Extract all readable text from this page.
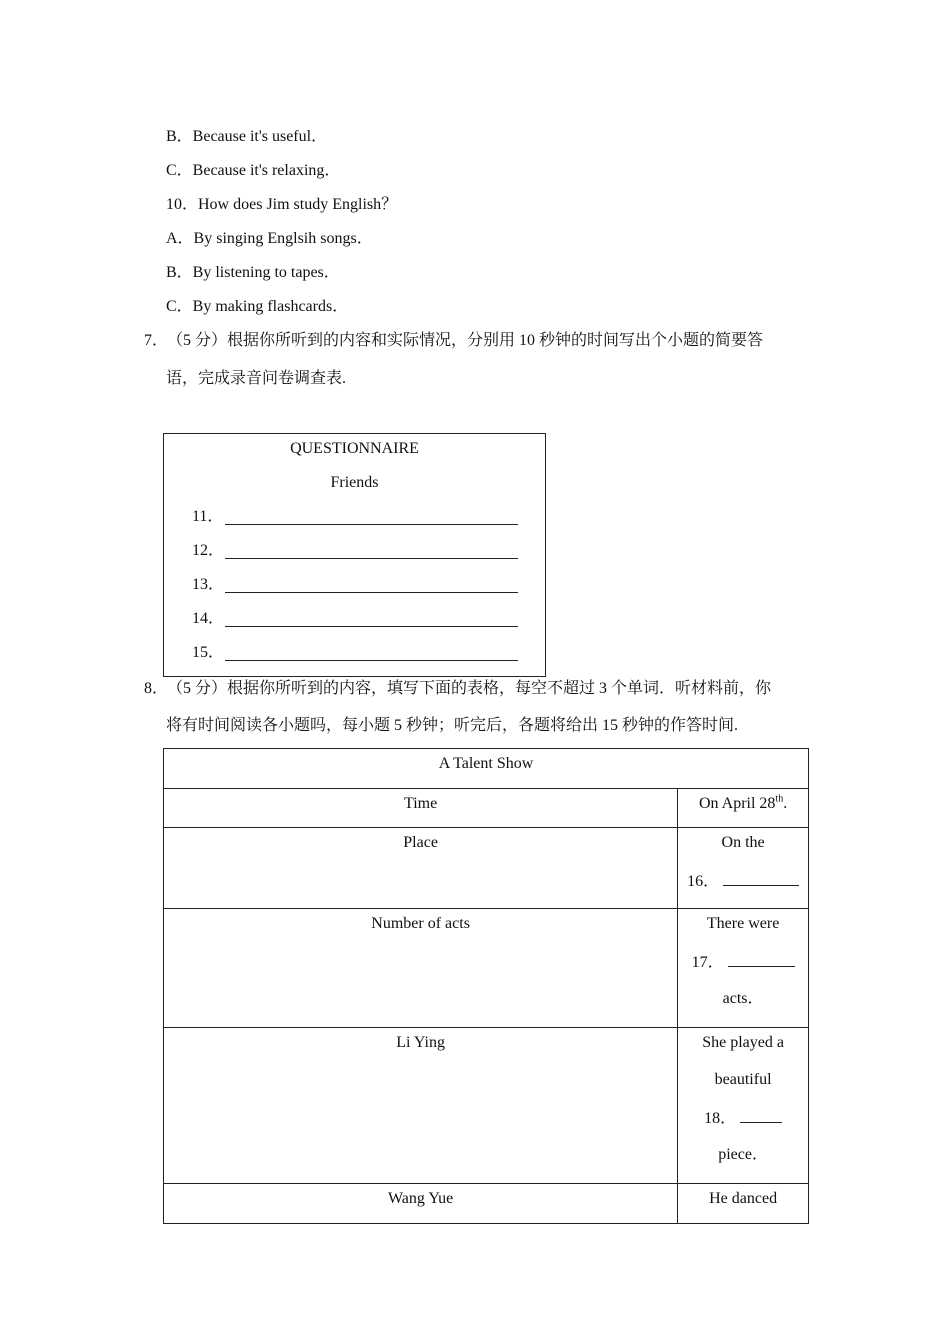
B．Because it's useful．
C．Because it's relaxing．
10．How does Jim study English？
A．By singing Englsih songs．
B．By listening to tapes．
C．By making flashcards．
7．
（5 分）根据你所听到的内容和实际情况，分别用 10 秒钟的时间写出个小题的简要答
语，完成录音问卷调查表.
QUESTIONNAIRE
Friends
11．
12．
13．
14．
15．
8．
（5 分）根据你所听到的内容，填写下面的表格，每空不超过 3 个单词．听材料前，你
将有时间阅读各小题吗，每小题 5 秒钟；听完后，各题将给出 15 秒钟的作答时间.
A Talent Show	
Time	On April 28th.
Place	On the
16．

Number of acts	There were
17．
acts．

Li Ying	She played a
beautiful
18．
piece．

Wang Yue	He danced
